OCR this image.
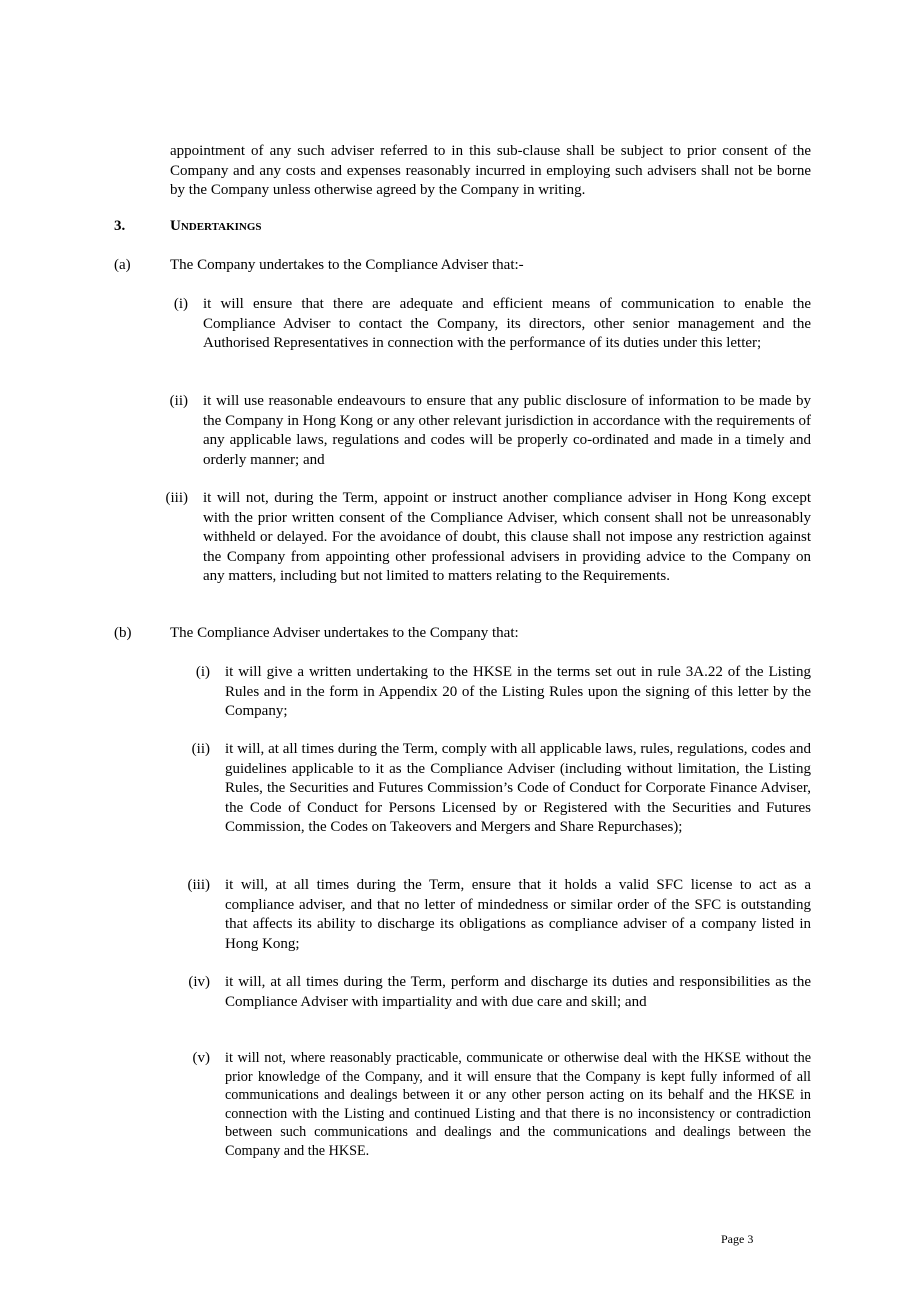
appointment of any such adviser referred to in this sub-clause shall be subject to prior consent of the Company and any costs and expenses reasonably incurred in employing such advisers shall not be borne by the Company unless otherwise agreed by the Company in writing.
3.	Undertakings
(a)	The Company undertakes to the Compliance Adviser that:-
(i) it will ensure that there are adequate and efficient means of communication to enable the Compliance Adviser to contact the Company, its directors, other senior management and the Authorised Representatives in connection with the performance of its duties under this letter;
(ii) it will use reasonable endeavours to ensure that any public disclosure of information to be made by the Company in Hong Kong or any other relevant jurisdiction in accordance with the requirements of any applicable laws, regulations and codes will be properly co-ordinated and made in a timely and orderly manner; and
(iii) it will not, during the Term, appoint or instruct another compliance adviser in Hong Kong except with the prior written consent of the Compliance Adviser, which consent shall not be unreasonably withheld or delayed. For the avoidance of doubt, this clause shall not impose any restriction against the Company from appointing other professional advisers in providing advice to the Company on any matters, including but not limited to matters relating to the Requirements.
(b)	The Compliance Adviser undertakes to the Company that:
(i) it will give a written undertaking to the HKSE in the terms set out in rule 3A.22 of the Listing Rules and in the form in Appendix 20 of the Listing Rules upon the signing of this letter by the Company;
(ii) it will, at all times during the Term, comply with all applicable laws, rules, regulations, codes and guidelines applicable to it as the Compliance Adviser (including without limitation, the Listing Rules, the Securities and Futures Commission’s Code of Conduct for Corporate Finance Adviser, the Code of Conduct for Persons Licensed by or Registered with the Securities and Futures Commission, the Codes on Takeovers and Mergers and Share Repurchases);
(iii) it will, at all times during the Term, ensure that it holds a valid SFC license to act as a compliance adviser, and that no letter of mindedness or similar order of the SFC is outstanding that affects its ability to discharge its obligations as compliance adviser of a company listed in Hong Kong;
(iv) it will, at all times during the Term, perform and discharge its duties and responsibilities as the Compliance Adviser with impartiality and with due care and skill; and
(v) it will not, where reasonably practicable, communicate or otherwise deal with the HKSE without the prior knowledge of the Company, and it will ensure that the Company is kept fully informed of all communications and dealings between it or any other person acting on its behalf and the HKSE in connection with the Listing and continued Listing and that there is no inconsistency or contradiction between such communications and dealings and the communications and dealings between the Company and the HKSE.
Page 3
